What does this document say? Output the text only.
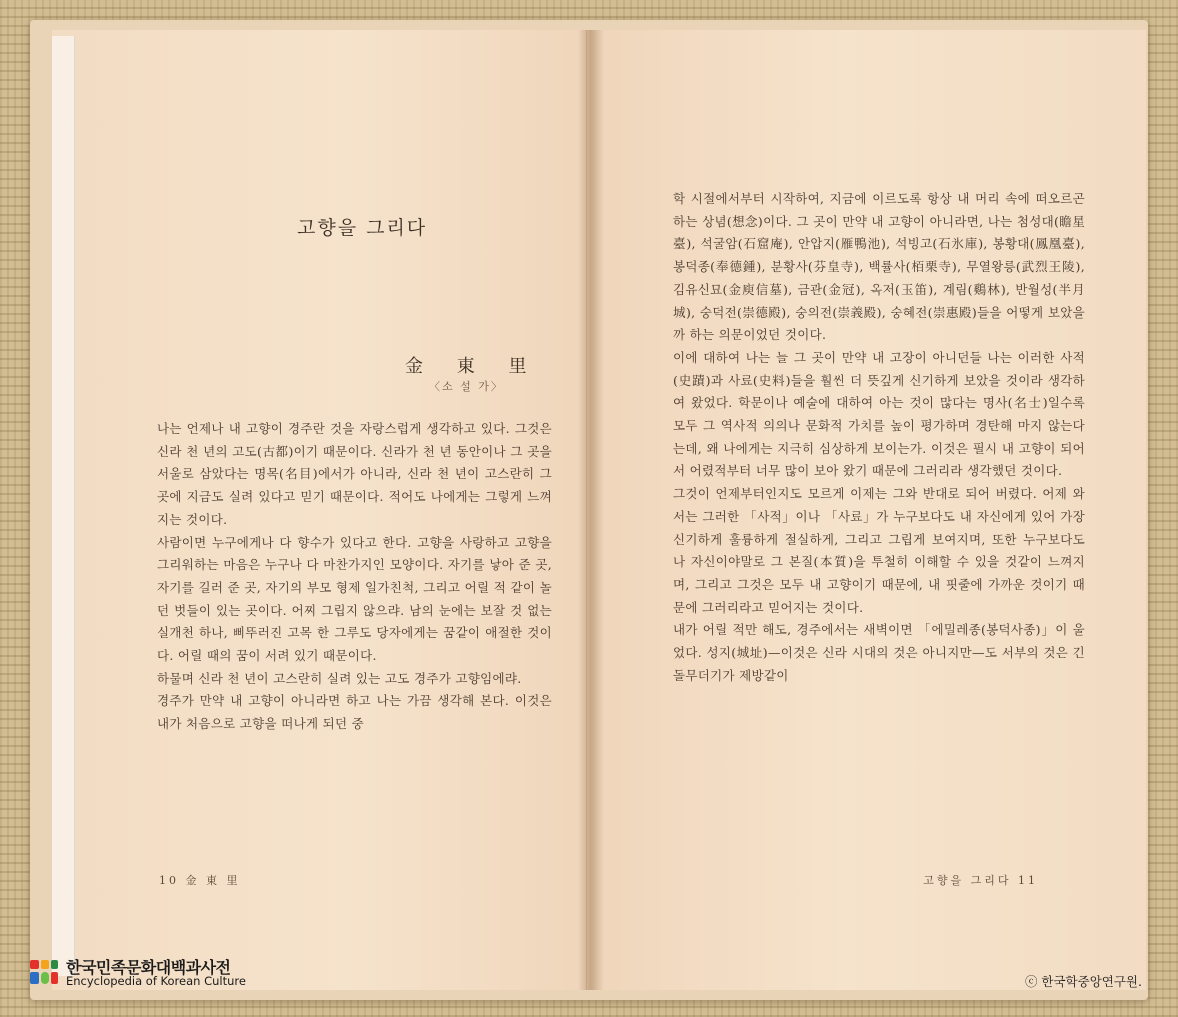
고향을 그리다
金 東 里
〈소 설 가〉

나는 언제나 내 고향이 경주란 것을 자랑스럽게 생각하고 있다. 그것은 신라 천 년의 고도(古都)이기 때문이다. 신라가 천 년 동안이나 그 곳을 서울로 삼았다는 명목(名目)에서가 아니라, 신라 천 년이 고스란히 그 곳에 지금도 실려 있다고 믿기 때문이다. 적어도 나에게는 그렇게 느껴지는 것이다.

사람이면 누구에게나 다 향수가 있다고 한다. 고향을 사랑하고 고향을 그리워하는 마음은 누구나 다 마찬가지인 모양이다. 자기를 낳아 준 곳, 자기를 길러 준 곳, 자기의 부모 형제 일가친척, 그리고 어릴 적 같이 놀던 벗들이 있는 곳이다. 어찌 그립지 않으랴. 남의 눈에는 보잘 것 없는 실개천 하나, 삐뚜러진 고목 한 그루도 당자에게는 꿈같이 애절한 것이다. 어릴 때의 꿈이 서려 있기 때문이다.

하물며 신라 천 년이 고스란히 실려 있는 고도 경주가 고향임에랴.

경주가 만약 내 고향이 아니라면 하고 나는 가끔 생각해 본다. 이것은 내가 처음으로 고향을 떠나게 되던 중

10 金 東 里

학 시절에서부터 시작하여, 지금에 이르도록 항상 내 머리 속에 떠오르곤 하는 상념(想念)이다. 그 곳이 만약 내 고향이 아니라면, 나는 첨성대(瞻星臺), 석굴암(石窟庵), 안압지(雁鴨池), 석빙고(石氷庫), 봉황대(鳳凰臺), 봉덕종(奉德鍾), 분황사(芬皇寺), 백률사(栢栗寺), 무열왕릉(武烈王陵), 김유신묘(金庾信墓), 금관(金冠), 옥저(玉笛), 계림(鷄林), 반월성(半月城), 숭덕전(崇德殿), 숭의전(崇義殿), 숭혜전(崇惠殿)들을 어떻게 보았을까 하는 의문이었던 것이다.

이에 대하여 나는 늘 그 곳이 만약 내 고장이 아니던들 나는 이러한 사적(史蹟)과 사료(史料)들을 훨씬 더 뜻깊게 신기하게 보았을 것이라 생각하여 왔었다. 학문이나 예술에 대하여 아는 것이 많다는 명사(名士)일수록 모두 그 역사적 의의나 문화적 가치를 높이 평가하며 경탄해 마지 않는다는데, 왜 나에게는 지극히 심상하게 보이는가. 이것은 필시 내 고향이 되어서 어렸적부터 너무 많이 보아 왔기 때문에 그러리라 생각했던 것이다.

그것이 언제부터인지도 모르게 이제는 그와 반대로 되어 버렸다. 어제 와서는 그러한 「사적」이나 「사료」가 누구보다도 내 자신에게 있어 가장 신기하게 훌륭하게 절실하게, 그리고 그립게 보여지며, 또한 누구보다도 나 자신이야말로 그 본질(本質)을 투철히 이해할 수 있을 것같이 느껴지며, 그리고 그것은 모두 내 고향이기 때문에, 내 핏줄에 가까운 것이기 때문에 그러리라고 믿어지는 것이다.

내가 어릴 적만 해도, 경주에서는 새벽이면 「에밀레종(봉덕사종)」이 울었다. 성지(城址)—이것은 신라 시대의 것은 아니지만—도 서부의 것은 긴 돌무더기가 제방같이

고향을 그리다 11
한국민족문화대백과사전
Encyclopedia of Korean Culture	ⓒ 한국학중앙연구원.
